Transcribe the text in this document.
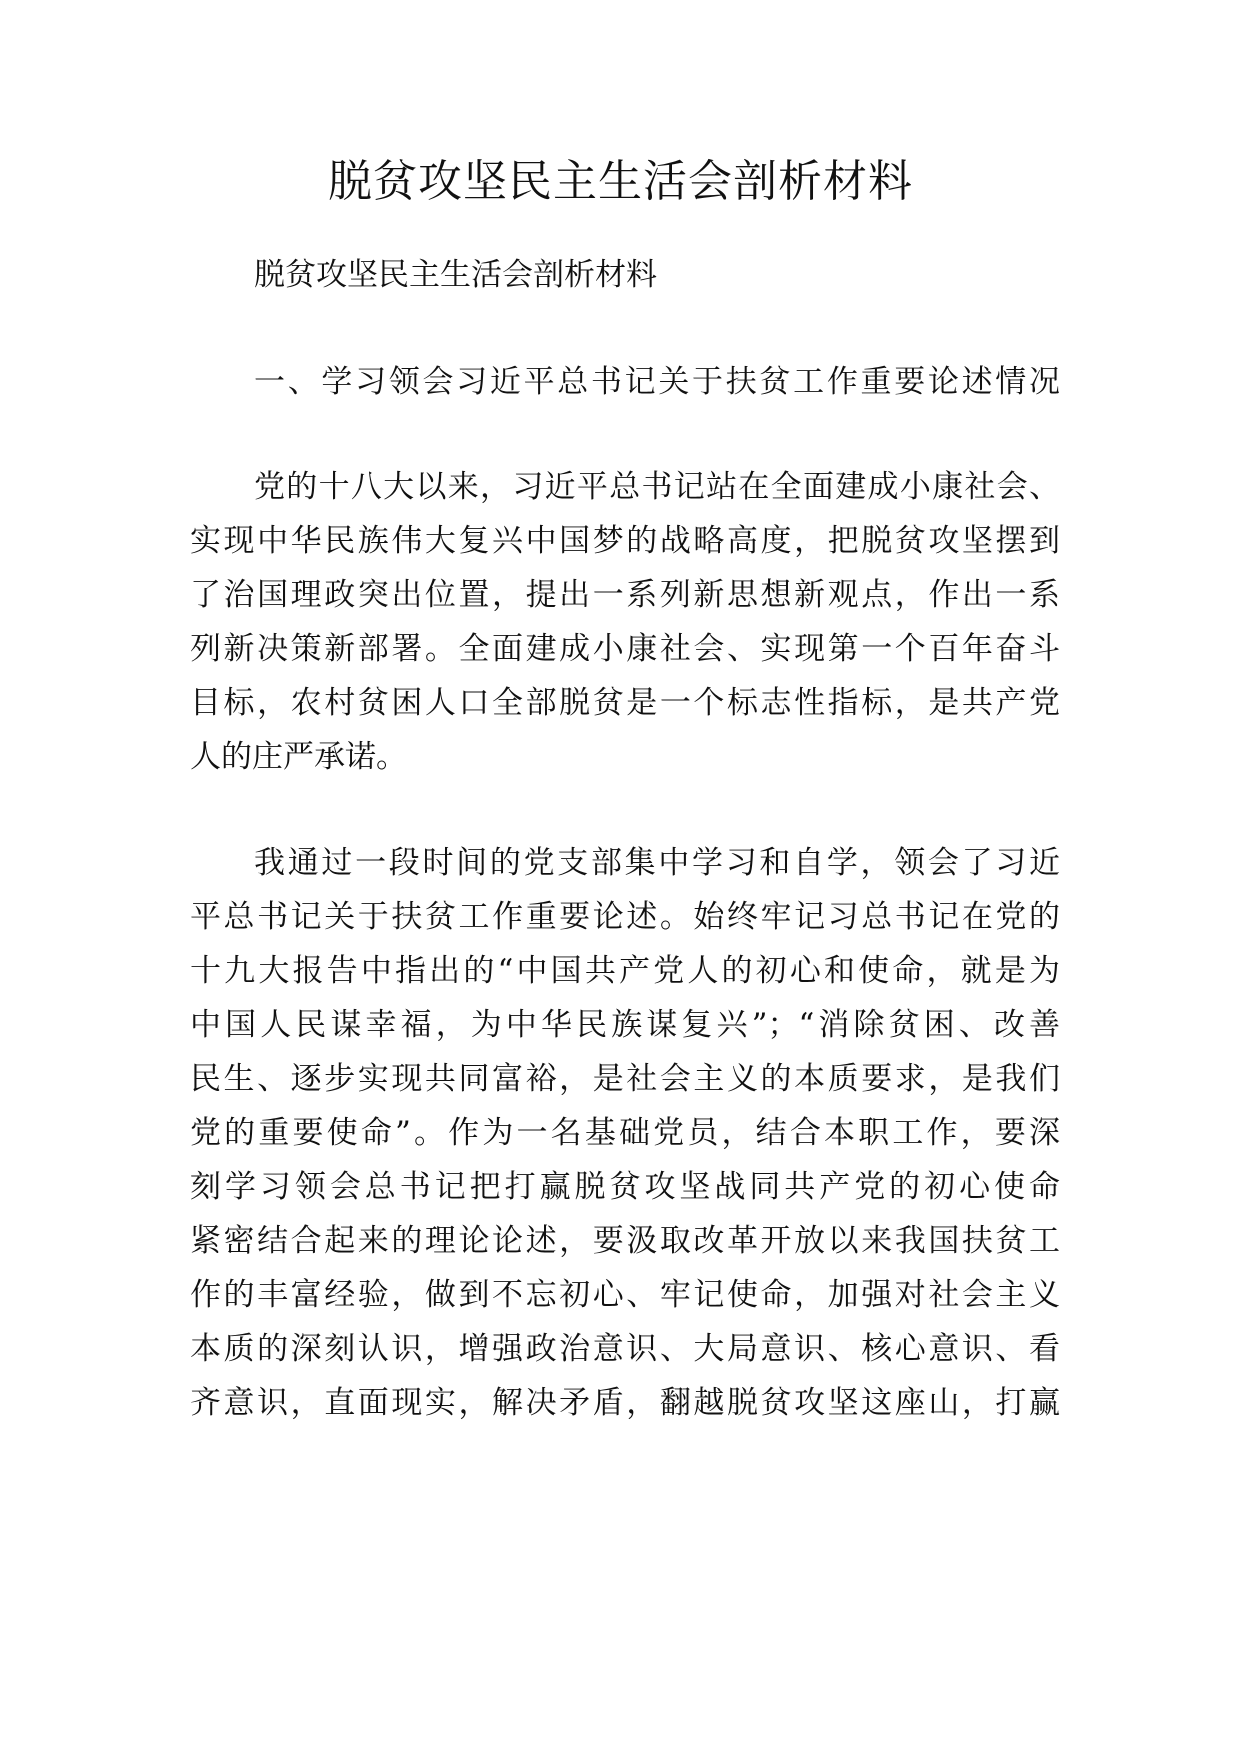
脱贫攻坚民主生活会剖析材料

脱贫攻坚民主生活会剖析材料

一、学习领会习近平总书记关于扶贫工作重要论述情况

党的十八大以来，习近平总书记站在全面建成小康社会、

实现中华民族伟大复兴中国梦的战略高度，把脱贫攻坚摆到

了治国理政突出位置，提出一系列新思想新观点，作出一系

列新决策新部署。全面建成小康社会、实现第一个百年奋斗

目标，农村贫困人口全部脱贫是一个标志性指标，是共产党

人的庄严承诺。

我通过一段时间的党支部集中学习和自学，领会了习近

平总书记关于扶贫工作重要论述。始终牢记习总书记在党的

十九大报告中指出的“中国共产党人的初心和使命，就是为

中国人民谋幸福，为中华民族谋复兴”；“消除贫困、改善

民生、逐步实现共同富裕，是社会主义的本质要求，是我们

党的重要使命”。作为一名基础党员，结合本职工作，要深

刻学习领会总书记把打赢脱贫攻坚战同共产党的初心使命

紧密结合起来的理论论述，要汲取改革开放以来我国扶贫工

作的丰富经验，做到不忘初心、牢记使命，加强对社会主义

本质的深刻认识，增强政治意识、大局意识、核心意识、看

齐意识，直面现实，解决矛盾，翻越脱贫攻坚这座山，打赢
